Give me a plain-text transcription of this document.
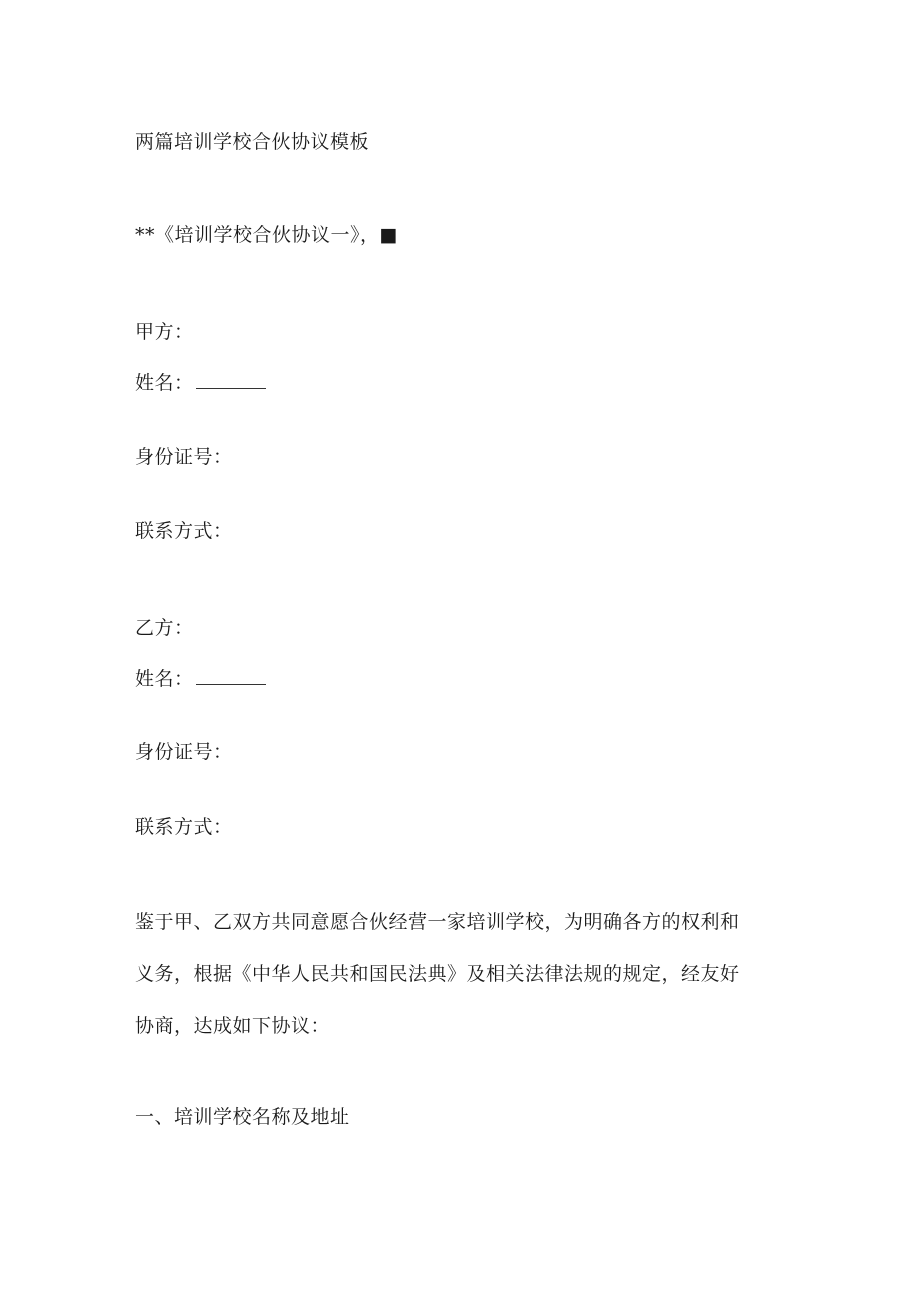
两篇培训学校合伙协议模板
**《培训学校合伙协议一》，■
甲方：
姓名：
身份证号：
联系方式：
乙方：
姓名：
身份证号：
联系方式：
鉴于甲、乙双方共同意愿合伙经营一家培训学校，为明确各方的权利和
义务，根据《中华人民共和国民法典》及相关法律法规的规定，经友好
协商，达成如下协议：
一、培训学校名称及地址
